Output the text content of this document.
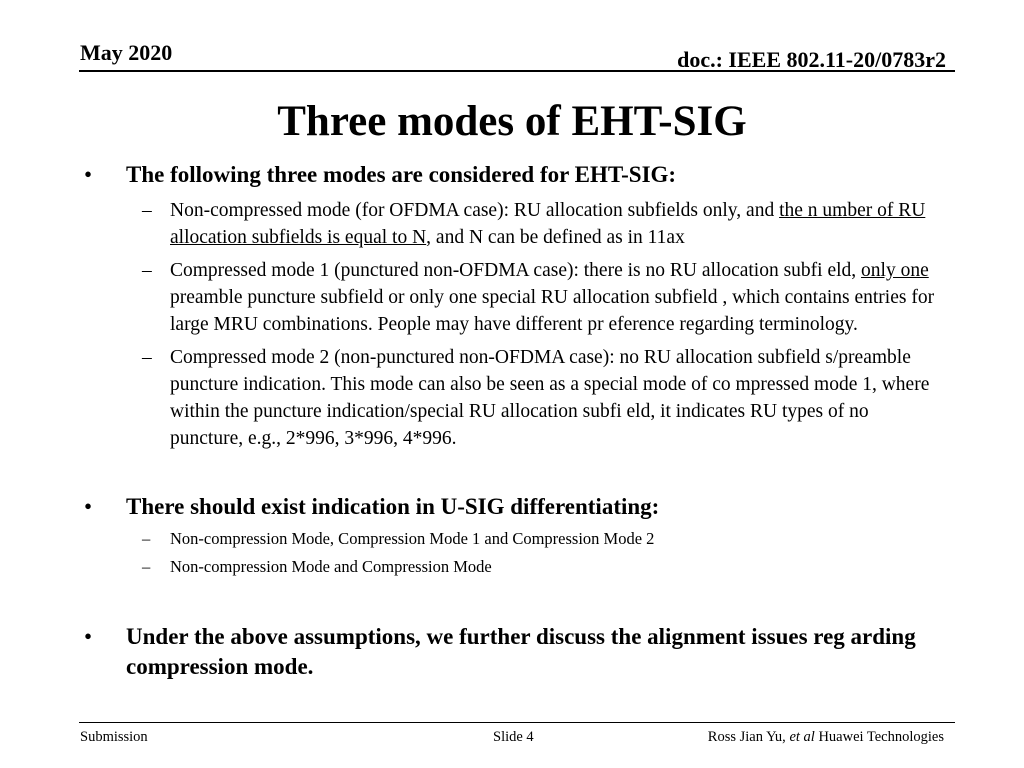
May 2020	doc.: IEEE 802.11-20/0783r2
Three modes of EHT-SIG
• The following three modes are considered for EHT-SIG:
– Non-compressed mode (for OFDMA case): RU allocation subfields only, and the n umber of RU allocation subfields is equal to N, and N can be defined as in 11ax
– Compressed mode 1 (punctured non-OFDMA case): there is no RU allocation subfi eld, only one preamble puncture subfield or only one special RU allocation subfield , which contains entries for large MRU combinations. People may have different pr eference regarding terminology.
– Compressed mode 2 (non-punctured non-OFDMA case): no RU allocation subfield s/preamble puncture indication. This mode can also be seen as a special mode of co mpressed mode 1, where within the puncture indication/special RU allocation subfi eld, it indicates RU types of no puncture, e.g., 2*996, 3*996, 4*996.
• There should exist indication in U-SIG differentiating:
– Non-compression Mode, Compression Mode 1 and Compression Mode 2
– Non-compression Mode and Compression Mode
• Under the above assumptions, we further discuss the alignment issues reg arding compression mode.
Submission	Slide 4	Ross Jian Yu, et al Huawei Technologies
